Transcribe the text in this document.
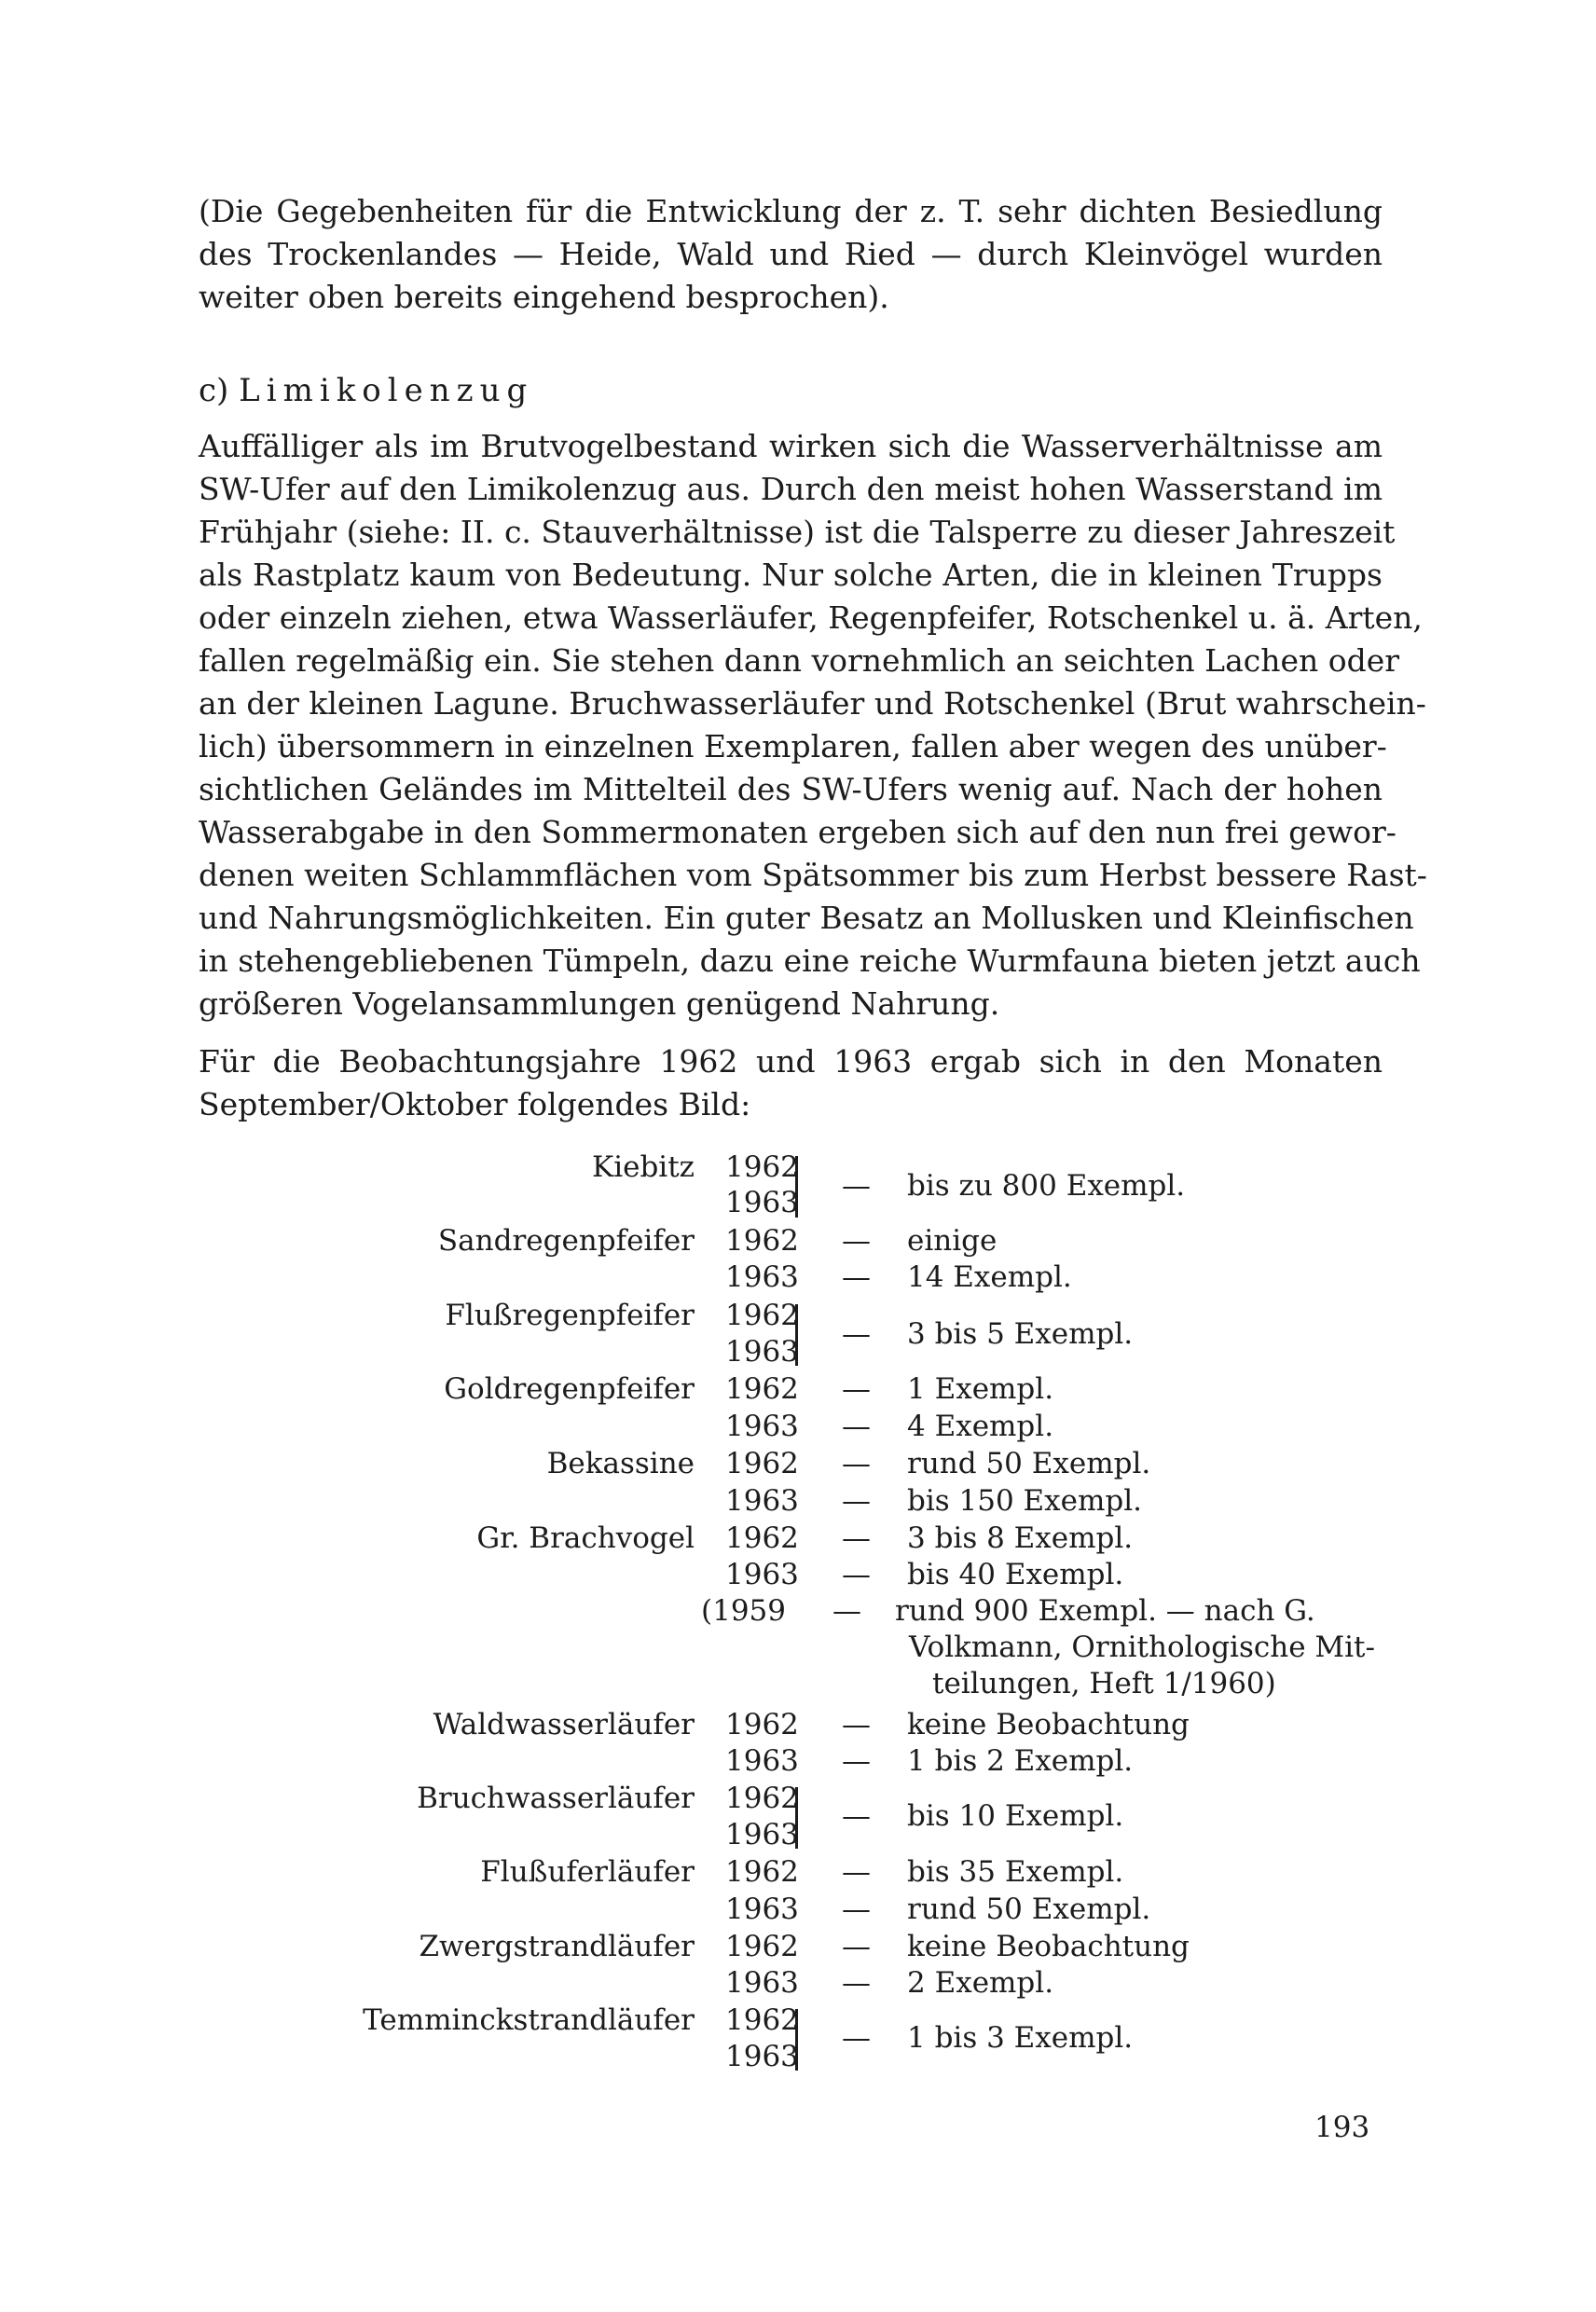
(Die Gegebenheiten für die Entwicklung der z. T. sehr dichten Besiedlung
des Trockenlandes — Heide, Wald und Ried — durch Kleinvögel wurden
weiter oben bereits eingehend besprochen).
c) Limikolenzug
Auffälliger als im Brutvogelbestand wirken sich die Wasserverhältnisse am
SW-Ufer auf den Limikolenzug aus. Durch den meist hohen Wasserstand im
Frühjahr (siehe: II. c. Stauverhältnisse) ist die Talsperre zu dieser Jahreszeit
als Rastplatz kaum von Bedeutung. Nur solche Arten, die in kleinen Trupps
oder einzeln ziehen, etwa Wasserläufer, Regenpfeifer, Rotschenkel u. ä. Arten,
fallen regelmäßig ein. Sie stehen dann vornehmlich an seichten Lachen oder
an der kleinen Lagune. Bruchwasserläufer und Rotschenkel (Brut wahrschein-
lich) übersommern in einzelnen Exemplaren, fallen aber wegen des unüber-
sichtlichen Geländes im Mittelteil des SW-Ufers wenig auf. Nach der hohen
Wasserabgabe in den Sommermonaten ergeben sich auf den nun frei gewor-
denen weiten Schlammflächen vom Spätsommer bis zum Herbst bessere Rast-
und Nahrungsmöglichkeiten. Ein guter Besatz an Mollusken und Kleinfischen
in stehengebliebenen Tümpeln, dazu eine reiche Wurmfauna bieten jetzt auch
größeren Vogelansammlungen genügend Nahrung.
Für die Beobachtungsjahre 1962 und 1963 ergab sich in den Monaten
September/Oktober folgendes Bild:
Kiebitz
Sandregenpfeifer
Flußregenpfeifer
Goldregenpfeifer
Bekassine
Gr. Brachvogel
Waldwasserläufer
Bruchwasserläufer
Flußuferläufer
Zwergstrandläufer
Temminckstrandläufer
1962
1963
1962
1963
1962
1963
1962
1963
1962
1963
1962
1963
(1959
1962
1963
1962
1963
1962
1963
1962
1963
1962
1963
—
—
—
—
—
—
—
—
—
—
—
—
—
—
—
—
—
—
—
bis zu 800 Exempl.
einige
14 Exempl.
3 bis 5 Exempl.
1 Exempl.
4 Exempl.
rund 50 Exempl.
bis 150 Exempl.
3 bis 8 Exempl.
bis 40 Exempl.
rund 900 Exempl. — nach G.
Volkmann, Ornithologische Mit-
teilungen, Heft 1/1960)
keine Beobachtung
1 bis 2 Exempl.
bis 10 Exempl.
bis 35 Exempl.
rund 50 Exempl.
keine Beobachtung
2 Exempl.
1 bis 3 Exempl.
193
